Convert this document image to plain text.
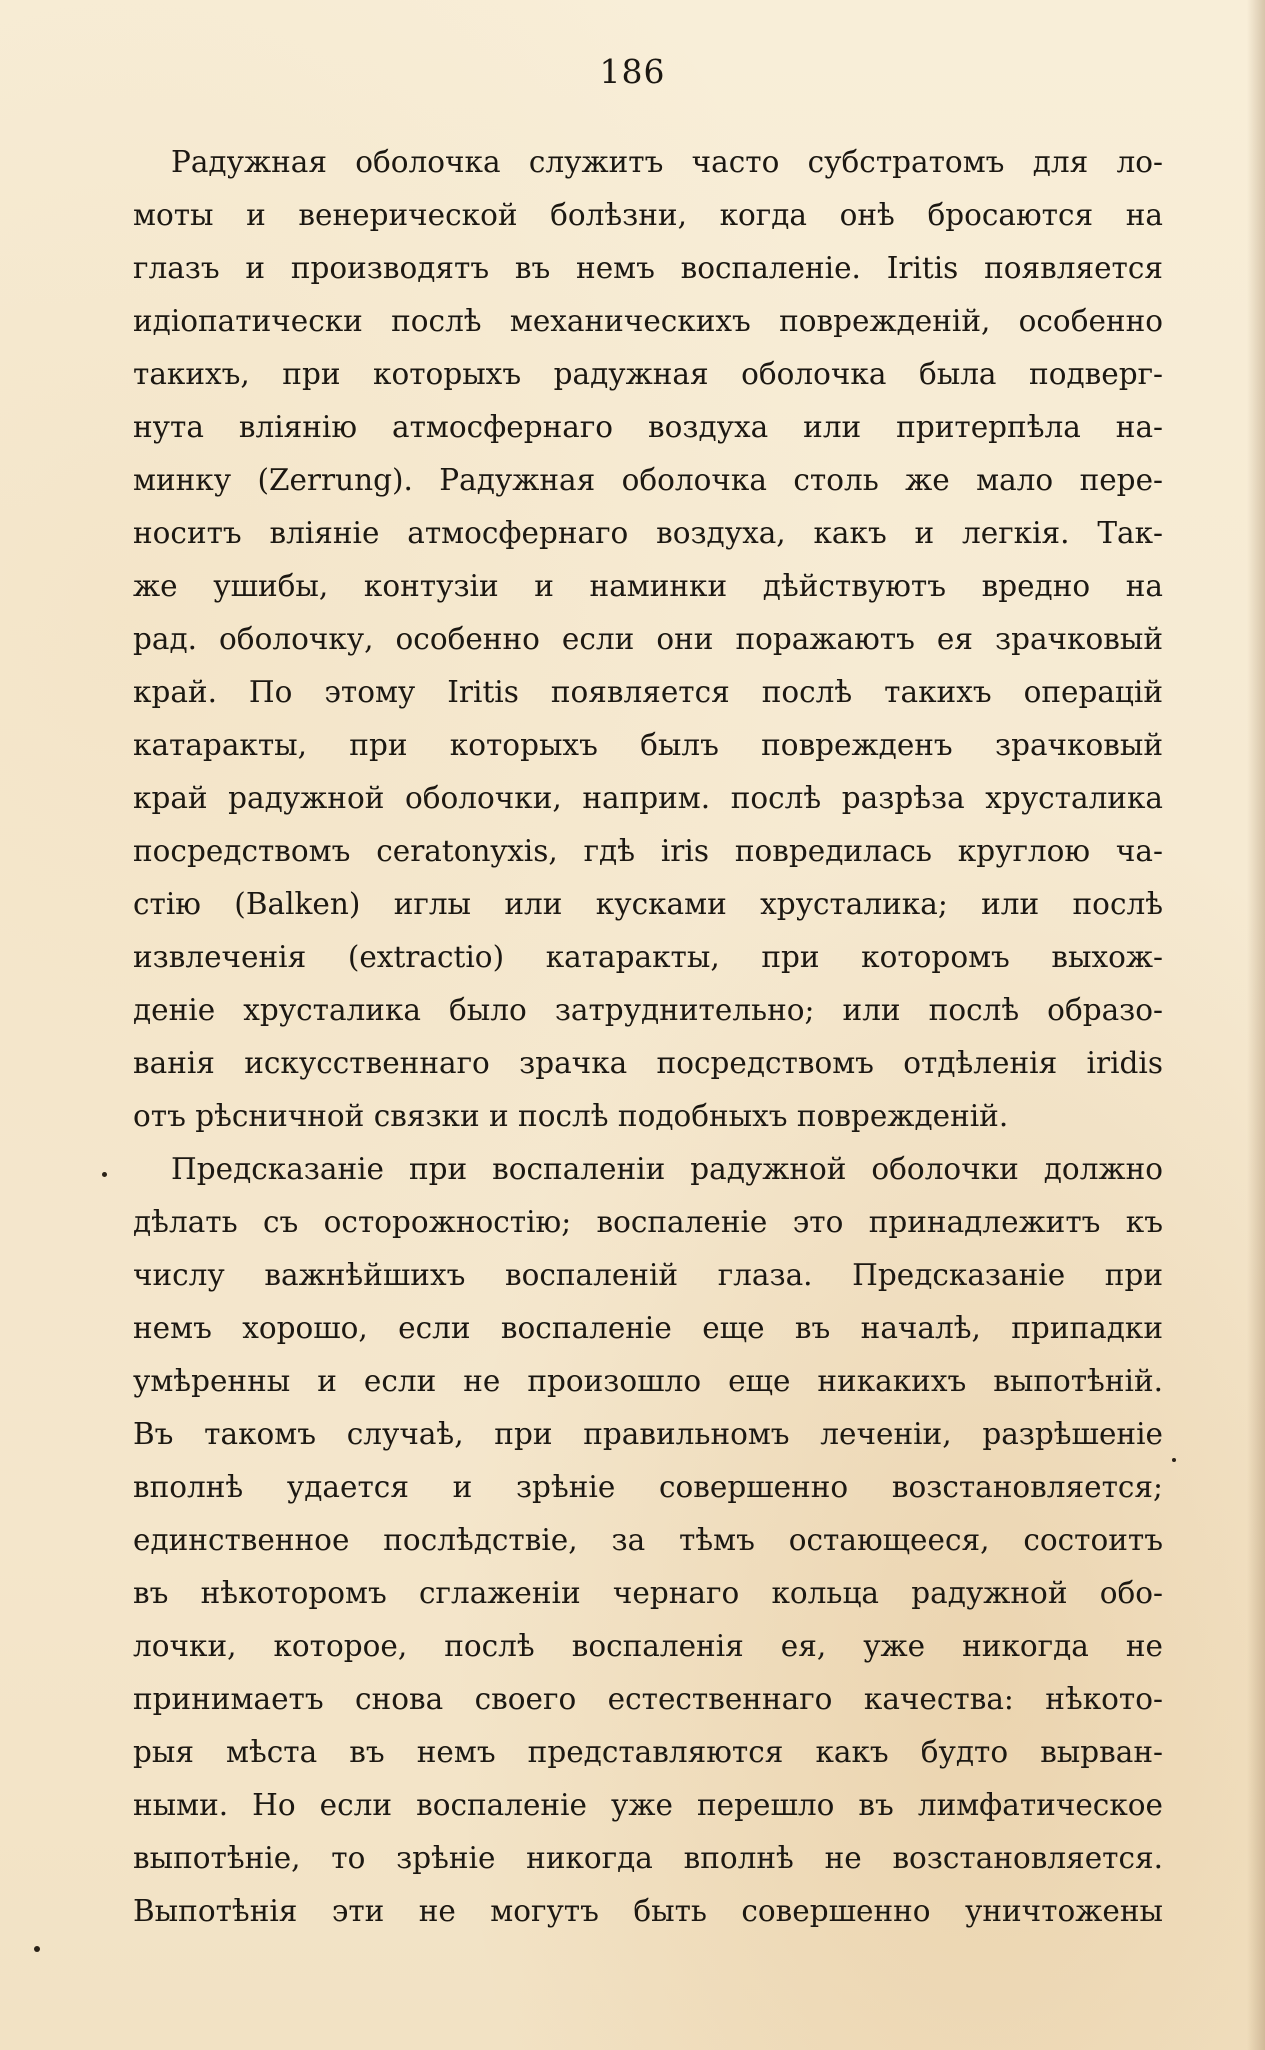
186
Радужная оболочка служитъ часто субстратомъ для ло-
моты и венерической болѣзни, когда онѣ бросаются на
глазъ и производятъ въ немъ воспаленіе. Iritis появляется
идіопатически послѣ механическихъ поврежденій, особенно
такихъ, при которыхъ радужная оболочка была подверг-
нута вліянію атмосфернаго воздуха или притерпѣла на-
минку (Zerrung). Радужная оболочка столь же мало пере-
носитъ вліяніе атмосфернаго воздуха, какъ и легкія. Так-
же ушибы, контузіи и наминки дѣйствуютъ вредно на
рад. оболочку, особенно если они поражаютъ ея зрачковый
край. По этому Iritis появляется послѣ такихъ операцій
катаракты, при которыхъ былъ поврежденъ зрачковый
край радужной оболочки, наприм. послѣ разрѣза хрусталика
посредствомъ ceratonyxis, гдѣ iris повредилась круглою ча-
стію (Balken) иглы или кусками хрусталика; или послѣ
извлеченія (extractio) катаракты, при которомъ выхож-
деніе хрусталика было затруднительно; или послѣ образо-
ванія искусственнаго зрачка посредствомъ отдѣленія iridis
отъ рѣсничной связки и послѣ подобныхъ поврежденій.
Предсказаніе при воспаленіи радужной оболочки должно
дѣлать съ осторожностію; воспаленіе это принадлежитъ къ
числу важнѣйшихъ воспаленій глаза. Предсказаніе при
немъ хорошо, если воспаленіе еще въ началѣ, припадки
умѣренны и если не произошло еще никакихъ выпотѣній.
Въ такомъ случаѣ, при правильномъ леченіи, разрѣшеніе
вполнѣ удается и зрѣніе совершенно возстановляется;
единственное послѣдствіе, за тѣмъ остающееся, состоитъ
въ нѣкоторомъ сглаженіи чернаго кольца радужной обо-
лочки, которое, послѣ воспаленія ея, уже никогда не
принимаетъ снова своего естественнаго качества: нѣкото-
рыя мѣста въ немъ представляются какъ будто вырван-
ными. Но если воспаленіе уже перешло въ лимфатическое
выпотѣніе, то зрѣніе никогда вполнѣ не возстановляется.
Выпотѣнія эти не могутъ быть совершенно уничтожены
